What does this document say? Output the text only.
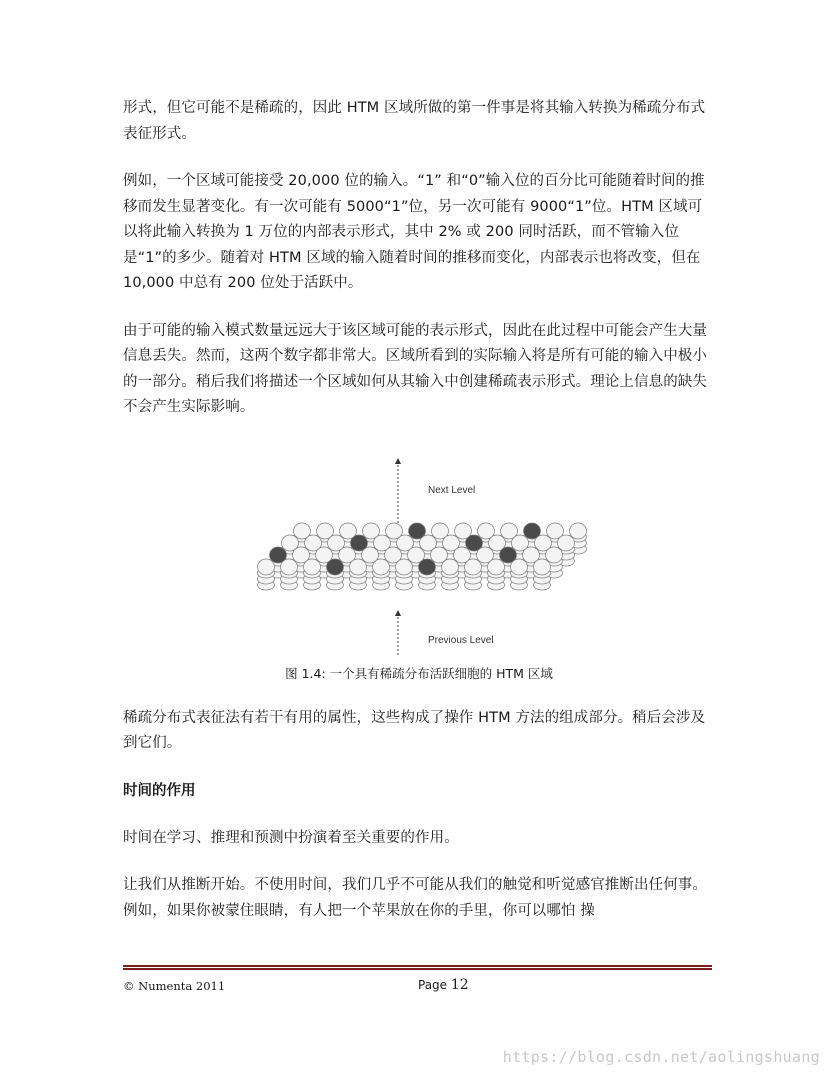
形式，但它可能不是稀疏的，因此 HTM 区域所做的第一件事是将其输入转换为稀疏分布式表征形式。

例如，一个区域可能接受 20,000 位的输入。“1” 和“0”输入位的百分比可能随着时间的推移而发生显著变化。有一次可能有 5000“1”位，另一次可能有 9000“1”位。HTM 区域可以将此输入转换为 1 万位的内部表示形式，其中 2% 或 200 同时活跃，而不管输入位是“1”的多少。随着对 HTM 区域的输入随着时间的推移而变化，内部表示也将改变，但在 10,000 中总有 200 位处于活跃中。

由于可能的输入模式数量远远大于该区域可能的表示形式，因此在此过程中可能会产生大量信息丢失。然而，这两个数字都非常大。区域所看到的实际输入将是所有可能的输入中极小的一部分。稍后我们将描述一个区域如何从其输入中创建稀疏表示形式。理论上信息的缺失不会产生实际影响。

Next Level
Previous Level

图 1.4: 一个具有稀疏分布活跃细胞的 HTM 区域

稀疏分布式表征法有若干有用的属性，这些构成了操作 HTM 方法的组成部分。稍后会涉及到它们。

时间的作用

时间在学习、推理和预测中扮演着至关重要的作用。

让我们从推断开始。不使用时间，我们几乎不可能从我们的触觉和听觉感官推断出任何事。例如，如果你被蒙住眼睛，有人把一个苹果放在你的手里，你可以哪怕 操

© Numenta 2011	Page 12
https://blog.csdn.net/aolingshuang
